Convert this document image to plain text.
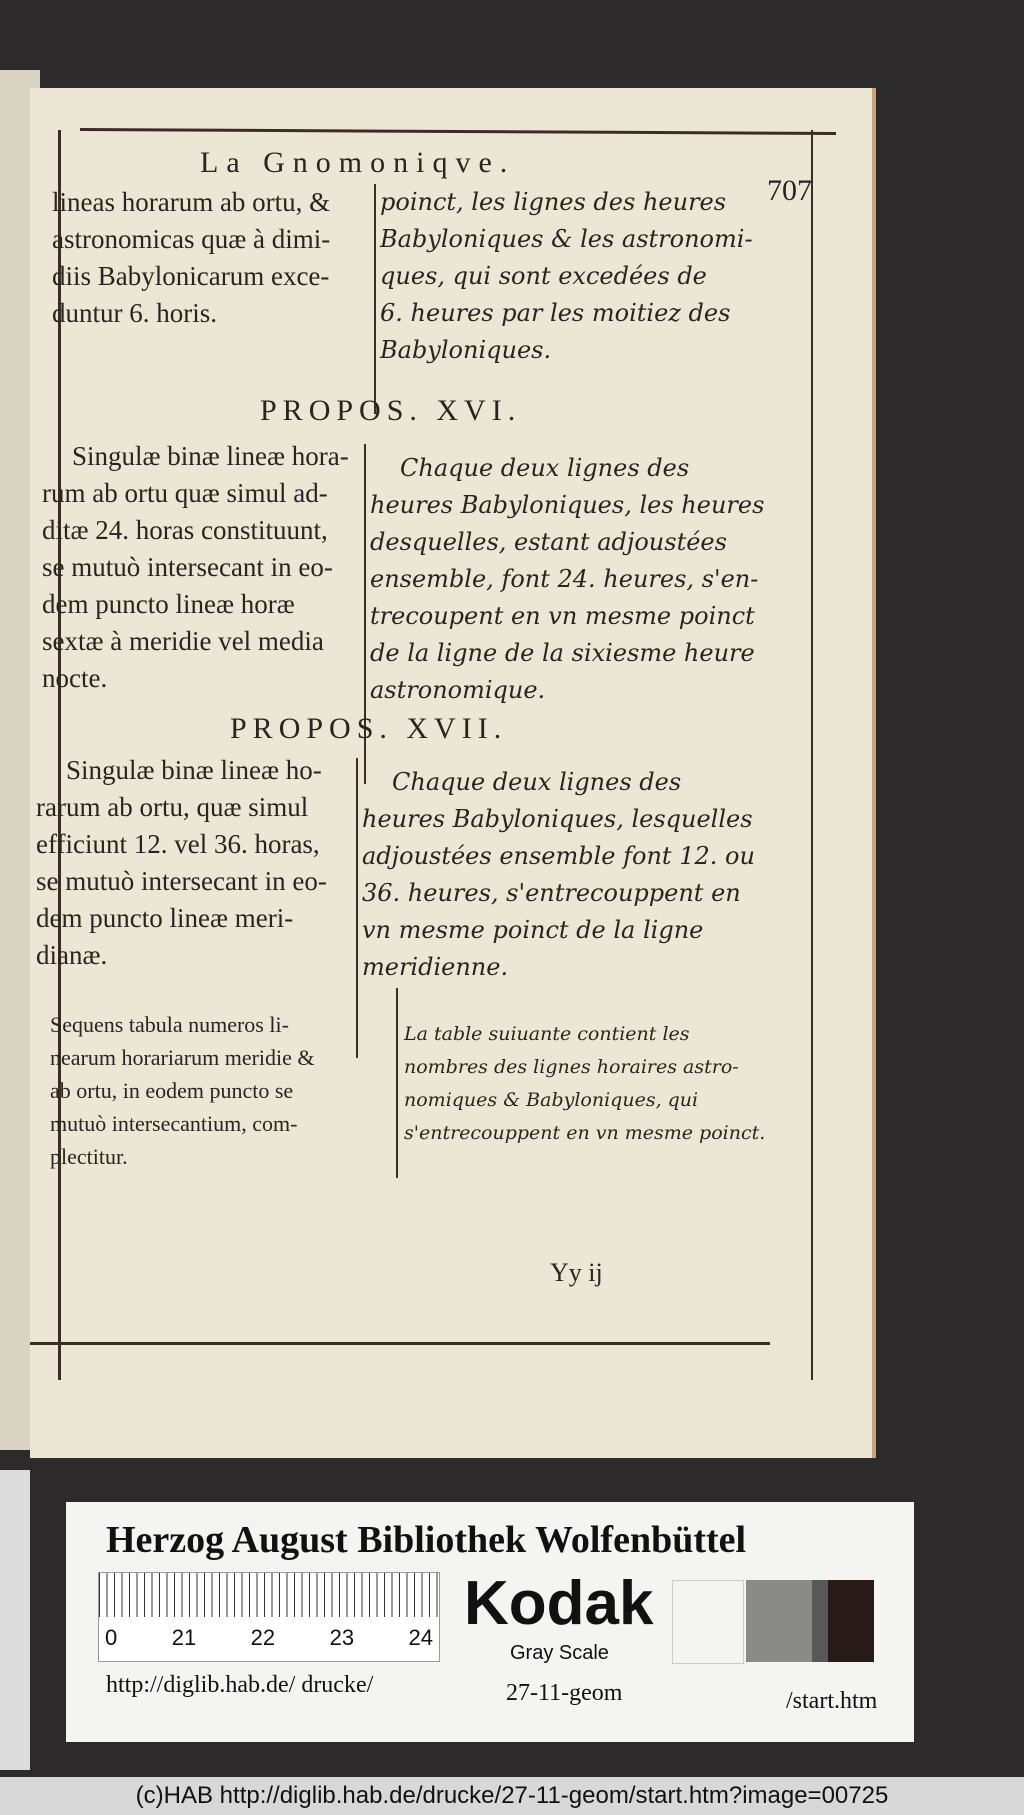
La Gnomoniqve.
707
lineas horarum ab ortu, &
astronomicas quæ à dimi-
diis Babylonicarum exce-
duntur 6. horis.
poinct, les lignes des heures
Babyloniques & les astronomi-
ques, qui sont excedées de
6. heures par les moitiez des
Babyloniques.
PROPOS. XVI.
Singulæ binæ lineæ hora-
rum ab ortu quæ simul ad-
ditæ 24. horas constituunt,
se mutuò intersecant in eo-
dem puncto lineæ horæ
sextæ à meridie vel media
nocte.
Chaque deux lignes des
heures Babyloniques, les heures
desquelles, estant adjoustées
ensemble, font 24. heures, s'en-
trecoupent en vn mesme poinct
de la ligne de la sixiesme heure
astronomique.
PROPOS. XVII.
Singulæ binæ lineæ ho-
rarum ab ortu, quæ simul
efficiunt 12. vel 36. horas,
se mutuò intersecant in eo-
dem puncto lineæ meri-
dianæ.
Chaque deux lignes des
heures Babyloniques, lesquelles
adjoustées ensemble font 12. ou
36. heures, s'entrecouppent en
vn mesme poinct de la ligne
meridienne.
Sequens tabula numeros li-
nearum horariarum meridie &
ab ortu, in eodem puncto se
mutuò intersecantium, com-
plectitur.
La table suiuante contient les
nombres des lignes horaires astro-
nomiques & Babyloniques, qui
s'entrecouppent en vn mesme poinct.
Yy ij
Herzog August Bibliothek Wolfenbüttel
0 21 22 23 24 Kodak
Gray Scale
http://diglib.hab.de/ drucke/	27-11-geom	/start.htm
(c)HAB http://diglib.hab.de/drucke/27-11-geom/start.htm?image=00725
